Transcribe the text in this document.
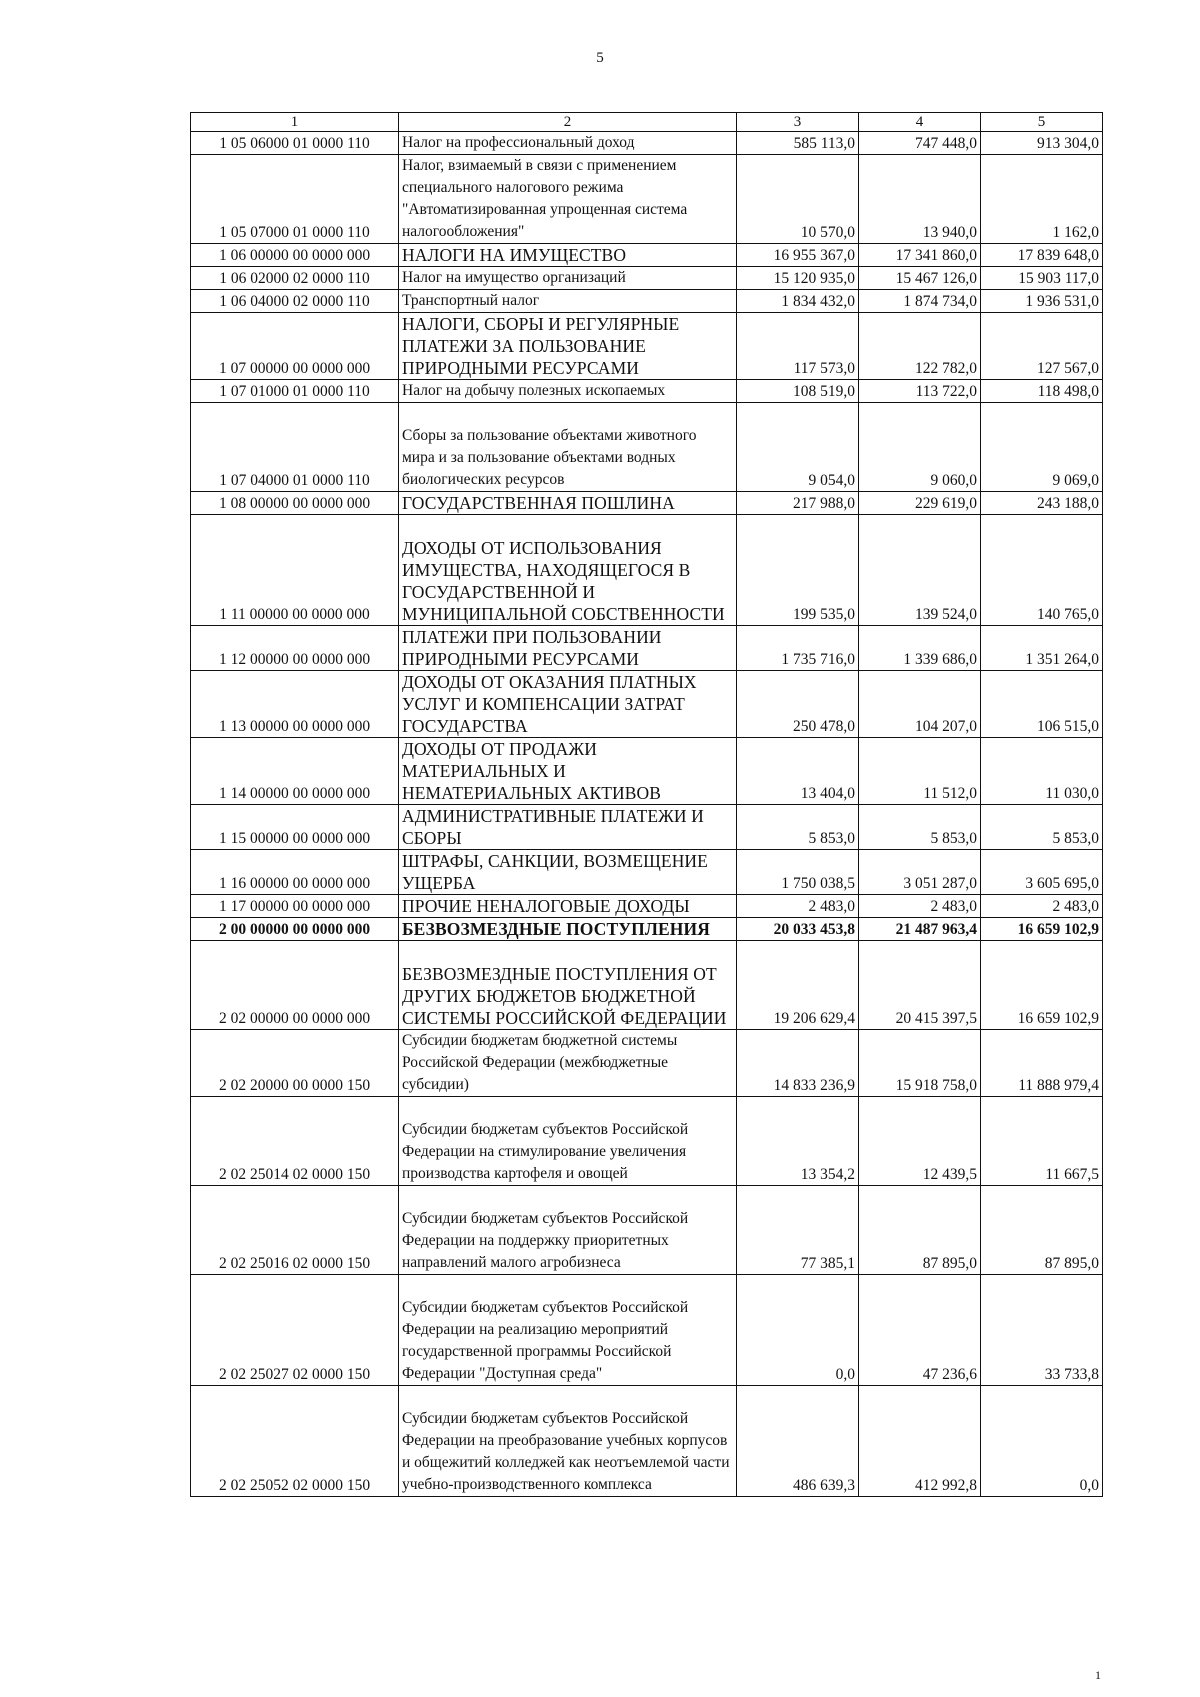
5
1	2	3	4	5
1 05 06000 01 0000 110	Налог на профессиональный доход	585 113,0	747 448,0	913 304,0
1 05 07000 01 0000 110	Налог, взимаемый в связи с применением специального налогового режима "Автоматизированная упрощенная система налогообложения"	10 570,0	13 940,0	1 162,0
1 06 00000 00 0000 000	НАЛОГИ НА ИМУЩЕСТВО	16 955 367,0	17 341 860,0	17 839 648,0
1 06 02000 02 0000 110	Налог на имущество организаций	15 120 935,0	15 467 126,0	15 903 117,0
1 06 04000 02 0000 110	Транспортный налог	1 834 432,0	1 874 734,0	1 936 531,0
1 07 00000 00 0000 000	НАЛОГИ, СБОРЫ И РЕГУЛЯРНЫЕ ПЛАТЕЖИ ЗА ПОЛЬЗОВАНИЕ ПРИРОДНЫМИ РЕСУРСАМИ	117 573,0	122 782,0	127 567,0
1 07 01000 01 0000 110	Налог на добычу полезных ископаемых	108 519,0	113 722,0	118 498,0
1 07 04000 01 0000 110	Сборы за пользование объектами животного мира и за пользование объектами водных биологических ресурсов	9 054,0	9 060,0	9 069,0
1 08 00000 00 0000 000	ГОСУДАРСТВЕННАЯ ПОШЛИНА	217 988,0	229 619,0	243 188,0
1 11 00000 00 0000 000	ДОХОДЫ ОТ ИСПОЛЬЗОВАНИЯ ИМУЩЕСТВА, НАХОДЯЩЕГОСЯ В ГОСУДАРСТВЕННОЙ И МУНИЦИПАЛЬНОЙ СОБСТВЕННОСТИ	199 535,0	139 524,0	140 765,0
1 12 00000 00 0000 000	ПЛАТЕЖИ ПРИ ПОЛЬЗОВАНИИ ПРИРОДНЫМИ РЕСУРСАМИ	1 735 716,0	1 339 686,0	1 351 264,0
1 13 00000 00 0000 000	ДОХОДЫ ОТ ОКАЗАНИЯ ПЛАТНЫХ УСЛУГ И КОМПЕНСАЦИИ ЗАТРАТ ГОСУДАРСТВА	250 478,0	104 207,0	106 515,0
1 14 00000 00 0000 000	ДОХОДЫ ОТ ПРОДАЖИ МАТЕРИАЛЬНЫХ И НЕМАТЕРИАЛЬНЫХ АКТИВОВ	13 404,0	11 512,0	11 030,0
1 15 00000 00 0000 000	АДМИНИСТРАТИВНЫЕ ПЛАТЕЖИ И СБОРЫ	5 853,0	5 853,0	5 853,0
1 16 00000 00 0000 000	ШТРАФЫ, САНКЦИИ, ВОЗМЕЩЕНИЕ УЩЕРБА	1 750 038,5	3 051 287,0	3 605 695,0
1 17 00000 00 0000 000	ПРОЧИЕ НЕНАЛОГОВЫЕ ДОХОДЫ	2 483,0	2 483,0	2 483,0
2 00 00000 00 0000 000	БЕЗВОЗМЕЗДНЫЕ ПОСТУПЛЕНИЯ	20 033 453,8	21 487 963,4	16 659 102,9
2 02 00000 00 0000 000	БЕЗВОЗМЕЗДНЫЕ ПОСТУПЛЕНИЯ ОТ ДРУГИХ БЮДЖЕТОВ БЮДЖЕТНОЙ СИСТЕМЫ РОССИЙСКОЙ ФЕДЕРАЦИИ	19 206 629,4	20 415 397,5	16 659 102,9
2 02 20000 00 0000 150	Субсидии бюджетам бюджетной системы Российской Федерации (межбюджетные субсидии)	14 833 236,9	15 918 758,0	11 888 979,4
2 02 25014 02 0000 150	Субсидии бюджетам субъектов Российской Федерации на стимулирование увеличения производства картофеля и овощей	13 354,2	12 439,5	11 667,5
2 02 25016 02 0000 150	Субсидии бюджетам субъектов Российской Федерации на поддержку приоритетных направлений малого агробизнеса	77 385,1	87 895,0	87 895,0
2 02 25027 02 0000 150	Субсидии бюджетам субъектов Российской Федерации на реализацию мероприятий государственной программы Российской Федерации "Доступная среда"	0,0	47 236,6	33 733,8
2 02 25052 02 0000 150	Субсидии бюджетам субъектов Российской Федерации на преобразование учебных корпусов и общежитий колледжей как неотъемлемой части учебно-производственного комплекса	486 639,3	412 992,8	0,0
1
